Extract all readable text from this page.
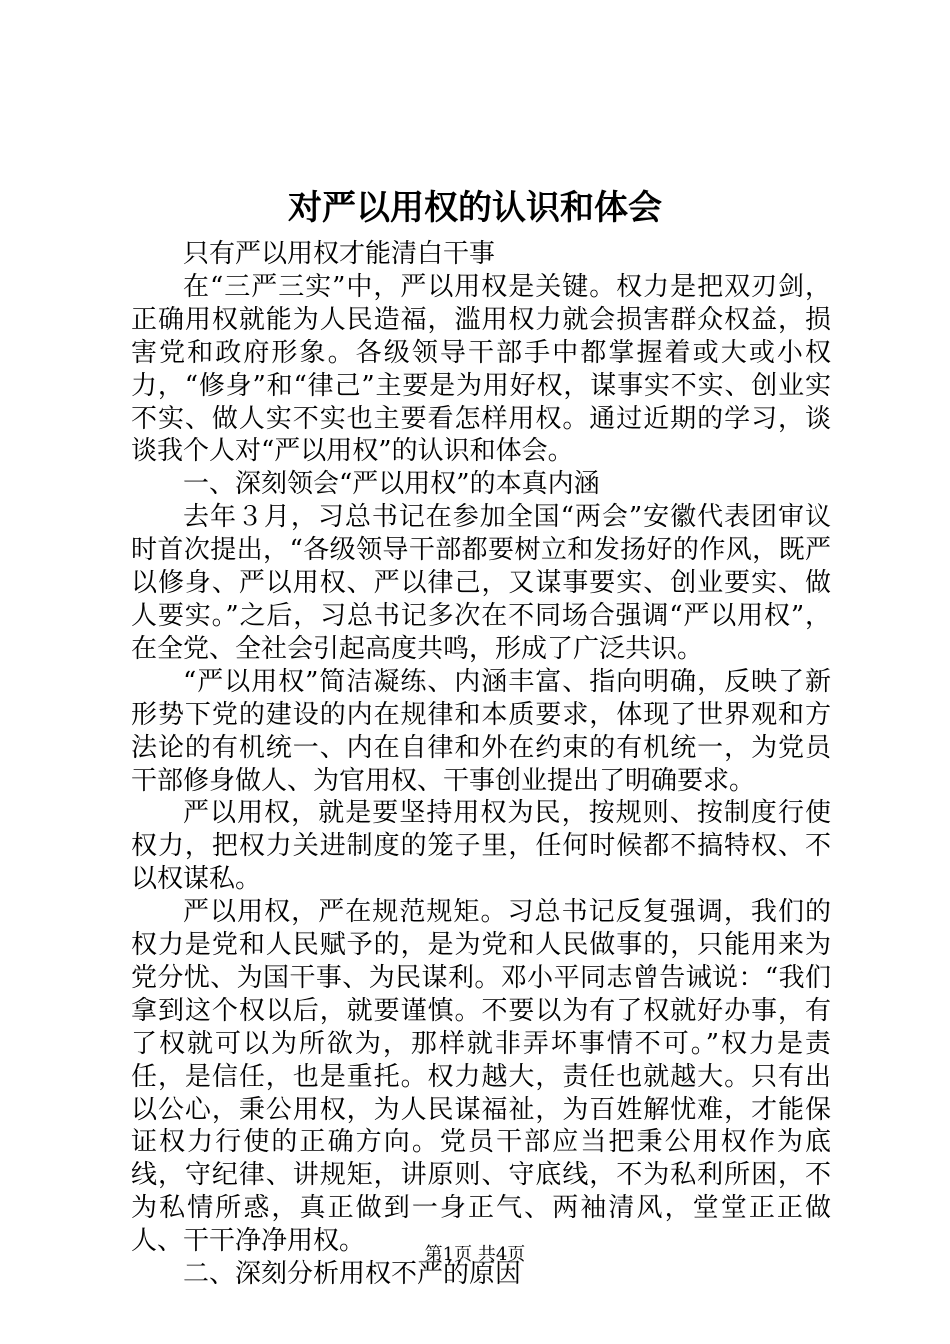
对严以用权的认识和体会

只有严以用权才能清白干事

在“三严三实”中，严以用权是关键。权力是把双刃剑，正确用权就能为人民造福，滥用权力就会损害群众权益，损害党和政府形象。各级领导干部手中都掌握着或大或小权力，“修身”和“律己”主要是为用好权，谋事实不实、创业实不实、做人实不实也主要看怎样用权。通过近期的学习，谈谈我个人对“严以用权”的认识和体会。

一、深刻领会“严以用权”的本真内涵

去年３月，习总书记在参加全国“两会”安徽代表团审议时首次提出，“各级领导干部都要树立和发扬好的作风，既严以修身、严以用权、严以律己，又谋事要实、创业要实、做人要实。”之后，习总书记多次在不同场合强调“严以用权”，在全党、全社会引起高度共鸣，形成了广泛共识。

“严以用权”简洁凝练、内涵丰富、指向明确，反映了新形势下党的建设的内在规律和本质要求，体现了世界观和方法论的有机统一、内在自律和外在约束的有机统一，为党员干部修身做人、为官用权、干事创业提出了明确要求。

严以用权，就是要坚持用权为民，按规则、按制度行使权力，把权力关进制度的笼子里，任何时候都不搞特权、不以权谋私。

严以用权，严在规范规矩。习总书记反复强调，我们的权力是党和人民赋予的，是为党和人民做事的，只能用来为党分忧、为国干事、为民谋利。邓小平同志曾告诫说：“我们拿到这个权以后，就要谨慎。不要以为有了权就好办事，有了权就可以为所欲为，那样就非弄坏事情不可。”权力是责任，是信任，也是重托。权力越大，责任也就越大。只有出以公心，秉公用权，为人民谋福祉，为百姓解忧难，才能保证权力行使的正确方向。党员干部应当把秉公用权作为底线，守纪律、讲规矩，讲原则、守底线，不为私利所困，不为私情所惑，真正做到一身正气、两袖清风，堂堂正正做人、干干净净用权。

二、深刻分析用权不严的原因

第1页 共4页
